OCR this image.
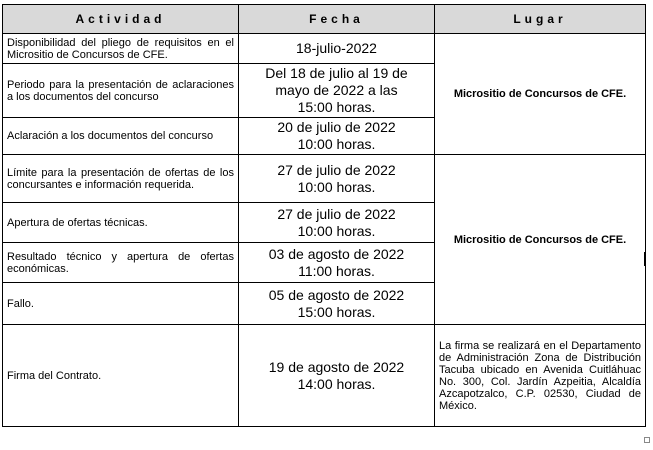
Actividad	Fecha	Lugar
Disponibilidad del pliego de requisitos en el Micrositio de Concursos de CFE.	18-julio-2022	Micrositio de Concursos de CFE.
Periodo para la presentación de aclaraciones a los documentos del concurso	Del 18 de julio al 19 de
mayo de 2022 a las
15:00 horas.	

Aclaración a los documentos del concurso	20 de julio de 2022
10:00 horas.	

Límite para la presentación de ofertas de los concursantes e información requerida.	27 de julio de 2022
10:00 horas.	Micrositio de Concursos de CFE.
Apertura de ofertas técnicas.	27 de julio de 2022
10:00 horas.	

Resultado técnico y apertura de ofertas económicas.	03 de agosto de 2022
11:00 horas.	

Fallo.	05 de agosto de 2022
15:00 horas.	

Firma del Contrato.	19 de agosto de 2022
14:00 horas.	La firma se realizará en el Departamento de Administración Zona de Distribución Tacuba ubicado en Avenida Cuitláhuac No. 300, Col. Jardín Azpeitia, Alcaldía Azcapotzalco, C.P. 02530, Ciudad de México.
